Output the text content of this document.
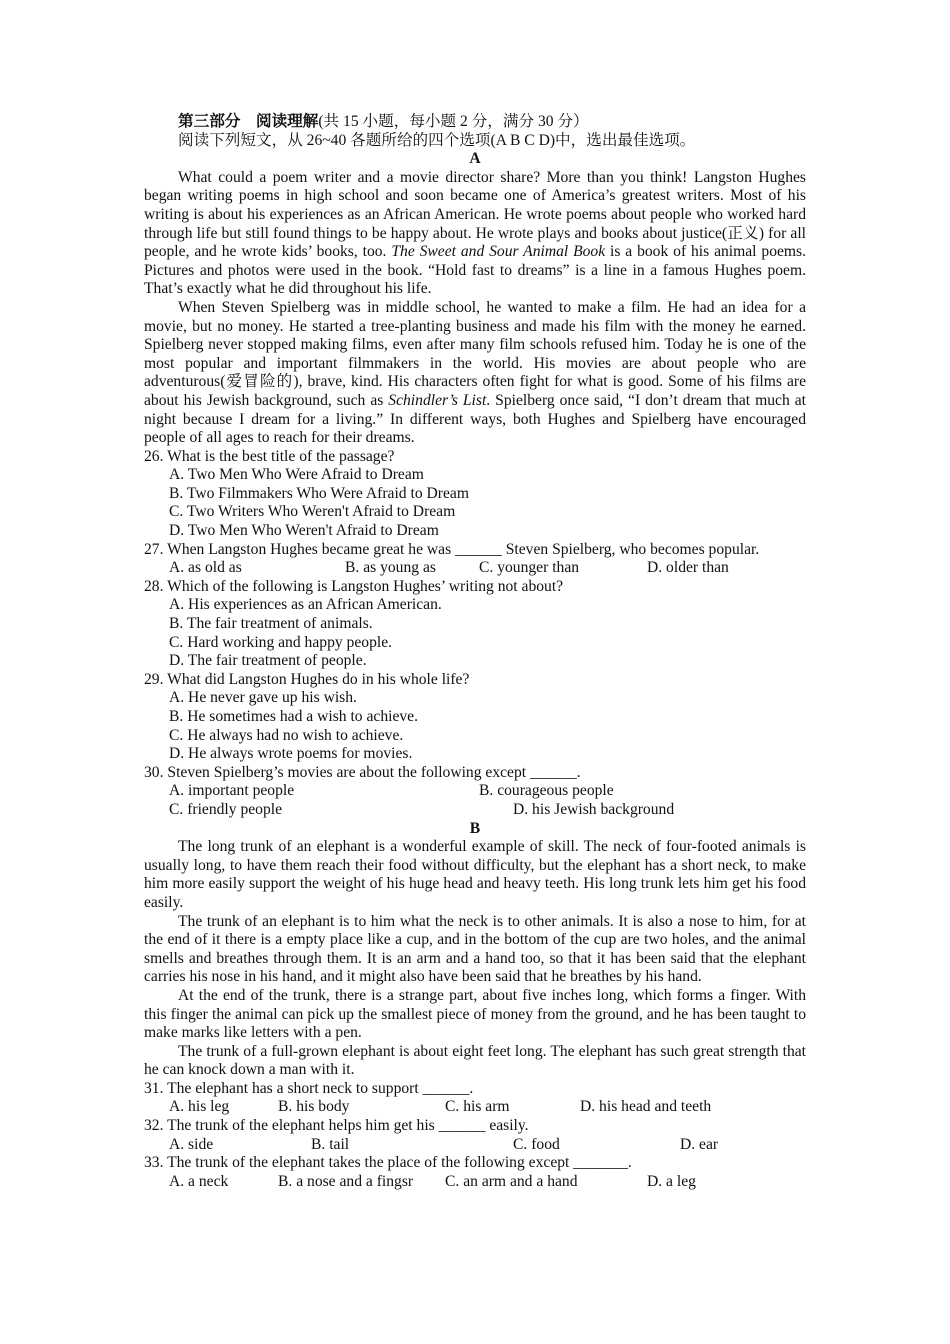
第三部分　阅读理解(共 15 小题，每小题 2 分，满分 30 分）
阅读下列短文，从 26~40 各题所给的四个选项(A B C D)中，选出最佳选项。
A

What could a poem writer and a movie director share? More than you think! Langston Hughes began writing poems in high school and soon became one of America’s greatest writers. Most of his writing is about his experiences as an African American. He wrote poems about people who worked hard through life but still found things to be happy about. He wrote plays and books about justice(正义) for all people, and he wrote kids’ books, too. The Sweet and Sour Animal Book is a book of his animal poems. Pictures and photos were used in the book. “Hold fast to dreams” is a line in a famous Hughes poem. That’s exactly what he did throughout his life.

When Steven Spielberg was in middle school, he wanted to make a film. He had an idea for a movie, but no money. He started a tree-planting business and made his film with the money he earned. Spielberg never stopped making films, even after many film schools refused him. Today he is one of the most popular and important filmmakers in the world. His movies are about people who are adventurous(爱冒险的), brave, kind. His characters often fight for what is good. Some of his films are about his Jewish background, such as Schindler’s List. Spielberg once said, “I don’t dream that much at night because I dream for a living.” In different ways, both Hughes and Spielberg have encouraged people of all ages to reach for their dreams.

26. What is the best title of the passage?
A. Two Men Who Were Afraid to Dream
B. Two Filmmakers Who Were Afraid to Dream
C. Two Writers Who Weren't Afraid to Dream
D. Two Men Who Weren't Afraid to Dream
27. When Langston Hughes became great he was ______ Steven Spielberg, who becomes popular.
A. as old as	B. as young as	C. younger than	D. older than
28. Which of the following is Langston Hughes’ writing not about?
A. His experiences as an African American.
B. The fair treatment of animals.
C. Hard working and happy people.
D. The fair treatment of people.
29. What did Langston Hughes do in his whole life?
A. He never gave up his wish.
B. He sometimes had a wish to achieve.
C. He always had no wish to achieve.
D. He always wrote poems for movies.
30. Steven Spielberg’s movies are about the following except ______.
A. important people	B. courageous people
C. friendly people	D. his Jewish background
B

The long trunk of an elephant is a wonderful example of skill. The neck of four-footed animals is usually long, to have them reach their food without difficulty, but the elephant has a short neck, to make him more easily support the weight of his huge head and heavy teeth. His long trunk lets him get his food easily.

The trunk of an elephant is to him what the neck is to other animals. It is also a nose to him, for at the end of it there is a empty place like a cup, and in the bottom of the cup are two holes, and the animal smells and breathes through them. It is an arm and a hand too, so that it has been said that the elephant carries his nose in his hand, and it might also have been said that he breathes by his hand.

At the end of the trunk, there is a strange part, about five inches long, which forms a finger. With this finger the animal can pick up the smallest piece of money from the ground, and he has been taught to make marks like letters with a pen.

The trunk of a full-grown elephant is about eight feet long. The elephant has such great strength that he can knock down a man with it.

31. The elephant has a short neck to support ______.
A. his leg	B. his body	C. his arm	D. his head and teeth
32. The trunk of the elephant helps him get his ______ easily.
A. side	B. tail	C. food	D. ear
33. The trunk of the elephant takes the place of the following except _______.
A. a neck	B. a nose and a fingsr C. an arm and a hand	D. a leg
